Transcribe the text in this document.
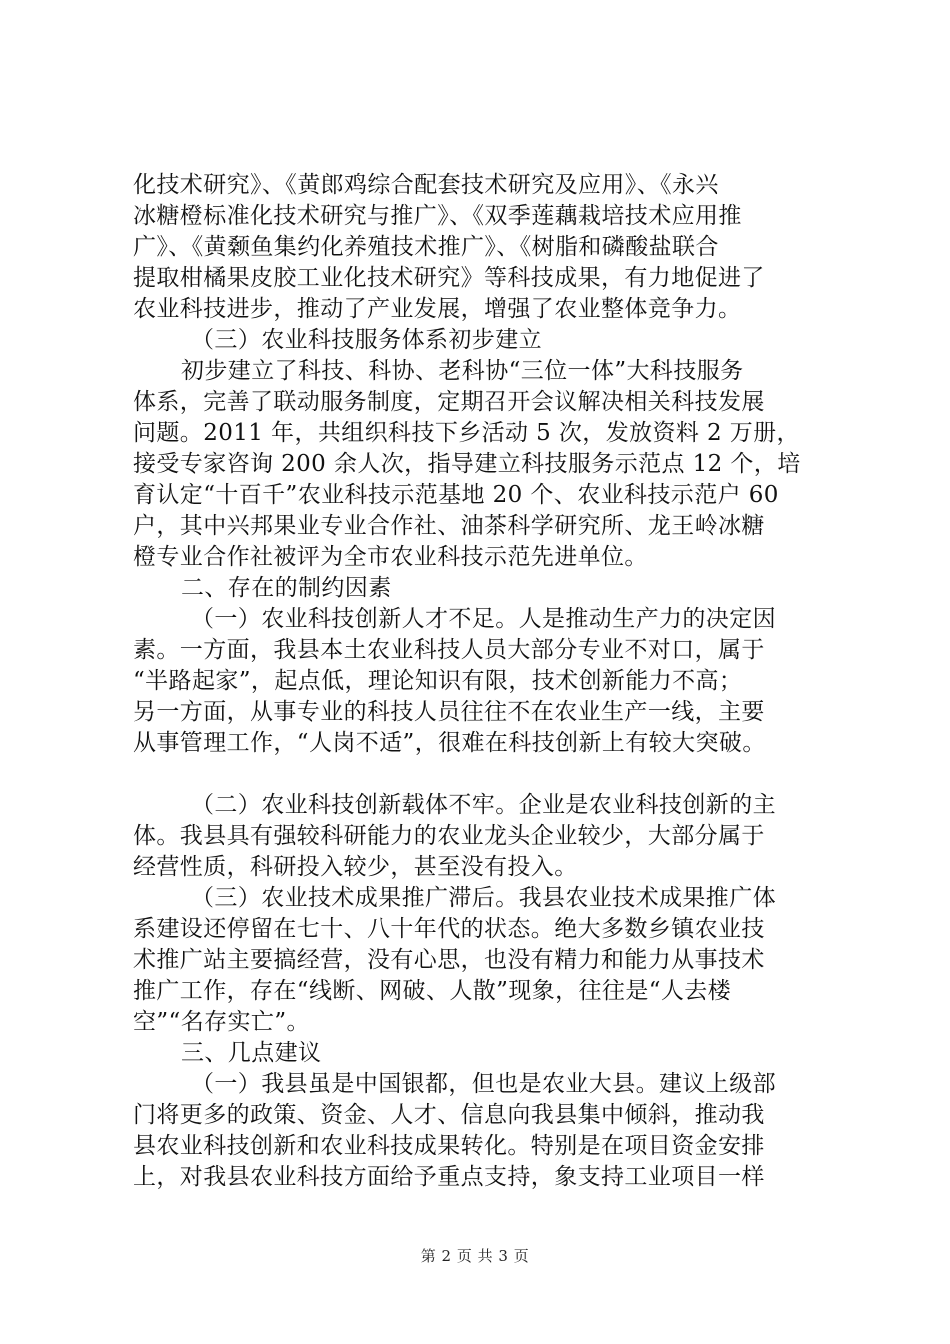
化技术研究》、《黄郎鸡综合配套技术研究及应用》、《永兴
冰糖橙标准化技术研究与推广》、《双季莲藕栽培技术应用推
广》、《黄颡鱼集约化养殖技术推广》、《树脂和磷酸盐联合
提取柑橘果皮胶工业化技术研究》等科技成果，有力地促进了
农业科技进步，推动了产业发展，增强了农业整体竞争力。
（三）农业科技服务体系初步建立
初步建立了科技、科协、老科协“三位一体”大科技服务
体系，完善了联动服务制度，定期召开会议解决相关科技发展
问题。2011 年，共组织科技下乡活动 5 次，发放资料 2 万册，
接受专家咨询 200 余人次，指导建立科技服务示范点 12 个，培
育认定“十百千”农业科技示范基地 20 个、农业科技示范户 60
户，其中兴邦果业专业合作社、油茶科学研究所、龙王岭冰糖
橙专业合作社被评为全市农业科技示范先进单位。
二、存在的制约因素
（一）农业科技创新人才不足。人是推动生产力的决定因
素。一方面，我县本土农业科技人员大部分专业不对口，属于
“半路起家”，起点低，理论知识有限，技术创新能力不高；
另一方面，从事专业的科技人员往往不在农业生产一线，主要
从事管理工作，“人岗不适”，很难在科技创新上有较大突破。
（二）农业科技创新载体不牢。企业是农业科技创新的主
体。我县具有强较科研能力的农业龙头企业较少，大部分属于
经营性质，科研投入较少，甚至没有投入。
（三）农业技术成果推广滞后。我县农业技术成果推广体
系建设还停留在七十、八十年代的状态。绝大多数乡镇农业技
术推广站主要搞经营，没有心思，也没有精力和能力从事技术
推广工作，存在“线断、网破、人散”现象，往往是“人去楼
空”“名存实亡”。
三、几点建议
（一）我县虽是中国银都，但也是农业大县。建议上级部
门将更多的政策、资金、人才、信息向我县集中倾斜，推动我
县农业科技创新和农业科技成果转化。特别是在项目资金安排
上，对我县农业科技方面给予重点支持，象支持工业项目一样
第 2 页 共 3 页
